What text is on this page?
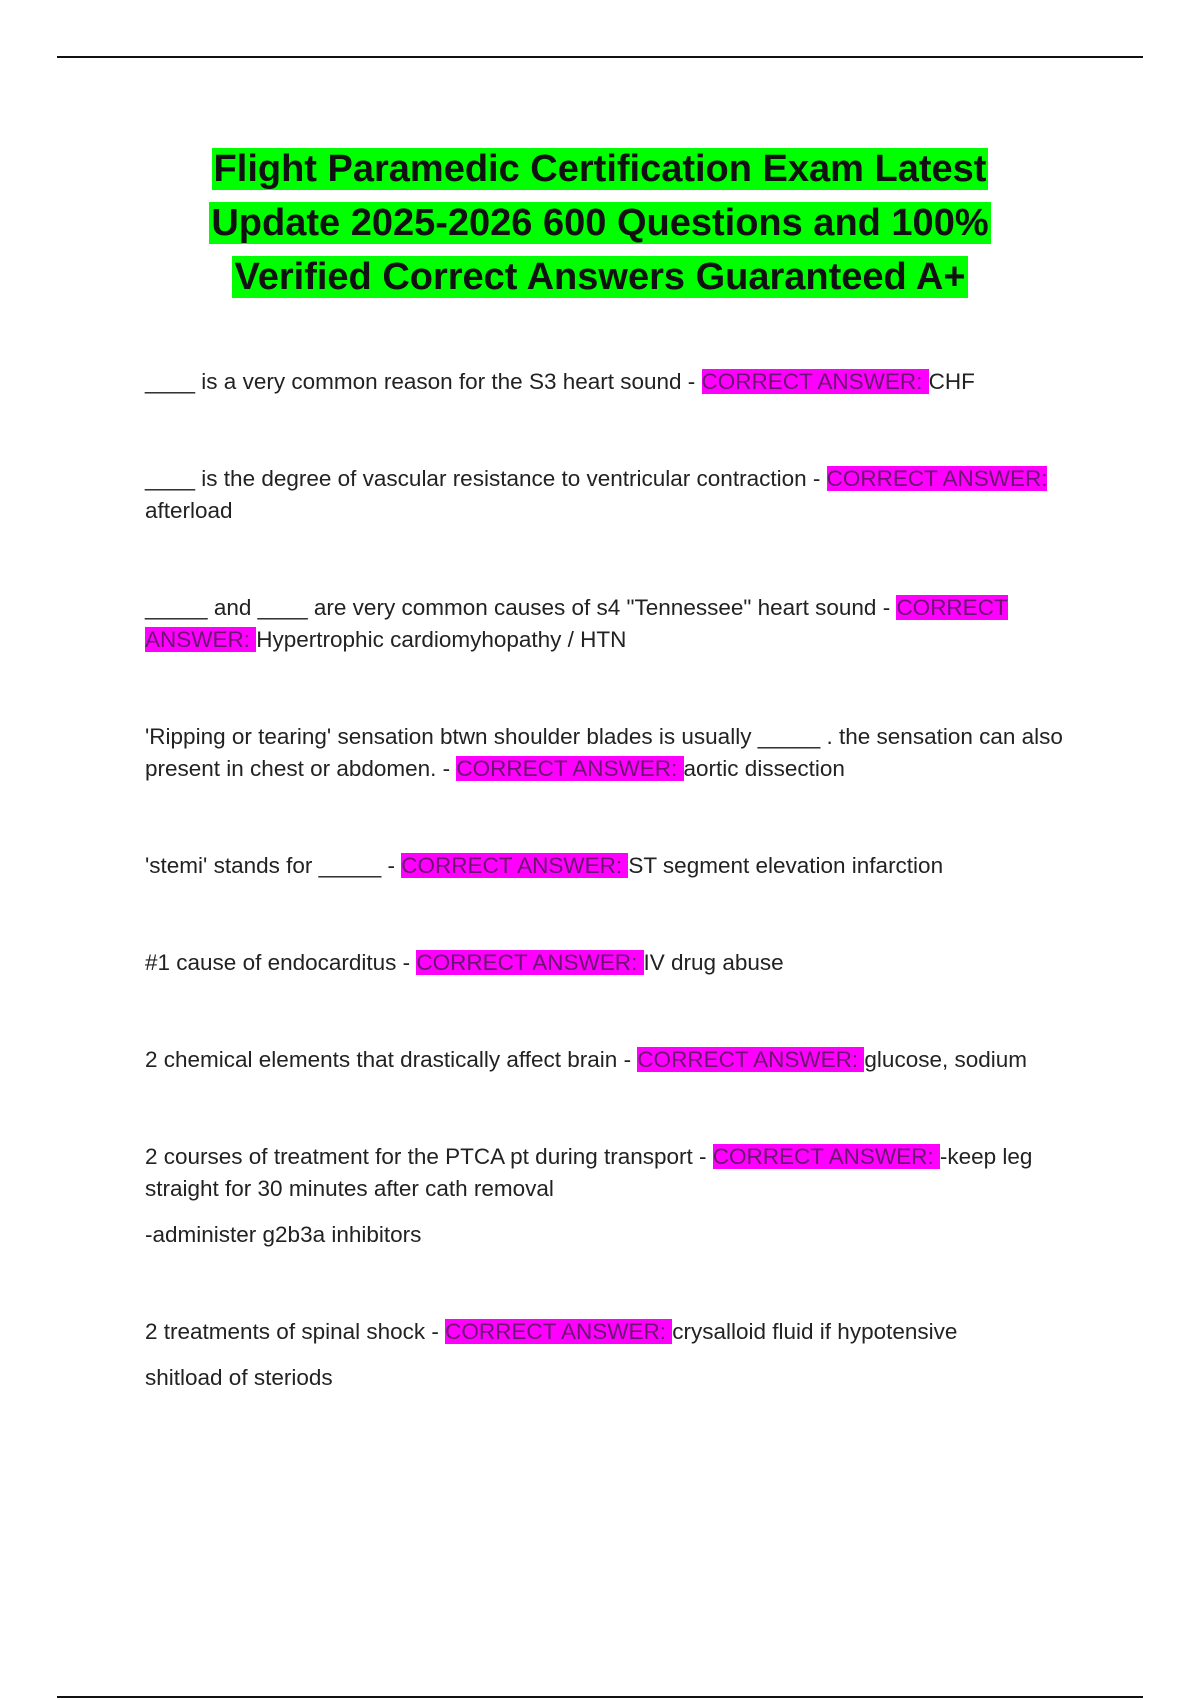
Flight Paramedic Certification Exam Latest Update 2025-2026 600 Questions and 100% Verified Correct Answers Guaranteed A+

____ is a very common reason for the S3 heart sound - CORRECT ANSWER: CHF

____ is the degree of vascular resistance to ventricular contraction - CORRECT ANSWER: afterload

_____ and ____ are very common causes of s4 "Tennessee" heart sound - CORRECT ANSWER: Hypertrophic cardiomyhopathy / HTN

'Ripping or tearing' sensation btwn shoulder blades is usually _____ . the sensation can also present in chest or abdomen. - CORRECT ANSWER: aortic dissection

'stemi' stands for _____ - CORRECT ANSWER: ST segment elevation infarction

#1 cause of endocarditus - CORRECT ANSWER: IV drug abuse

2 chemical elements that drastically affect brain - CORRECT ANSWER: glucose, sodium

2 courses of treatment for the PTCA pt during transport - CORRECT ANSWER: -keep leg straight for 30 minutes after cath removal
-administer g2b3a inhibitors

2 treatments of spinal shock - CORRECT ANSWER: crysalloid fluid if hypotensive
shitload of steriods
